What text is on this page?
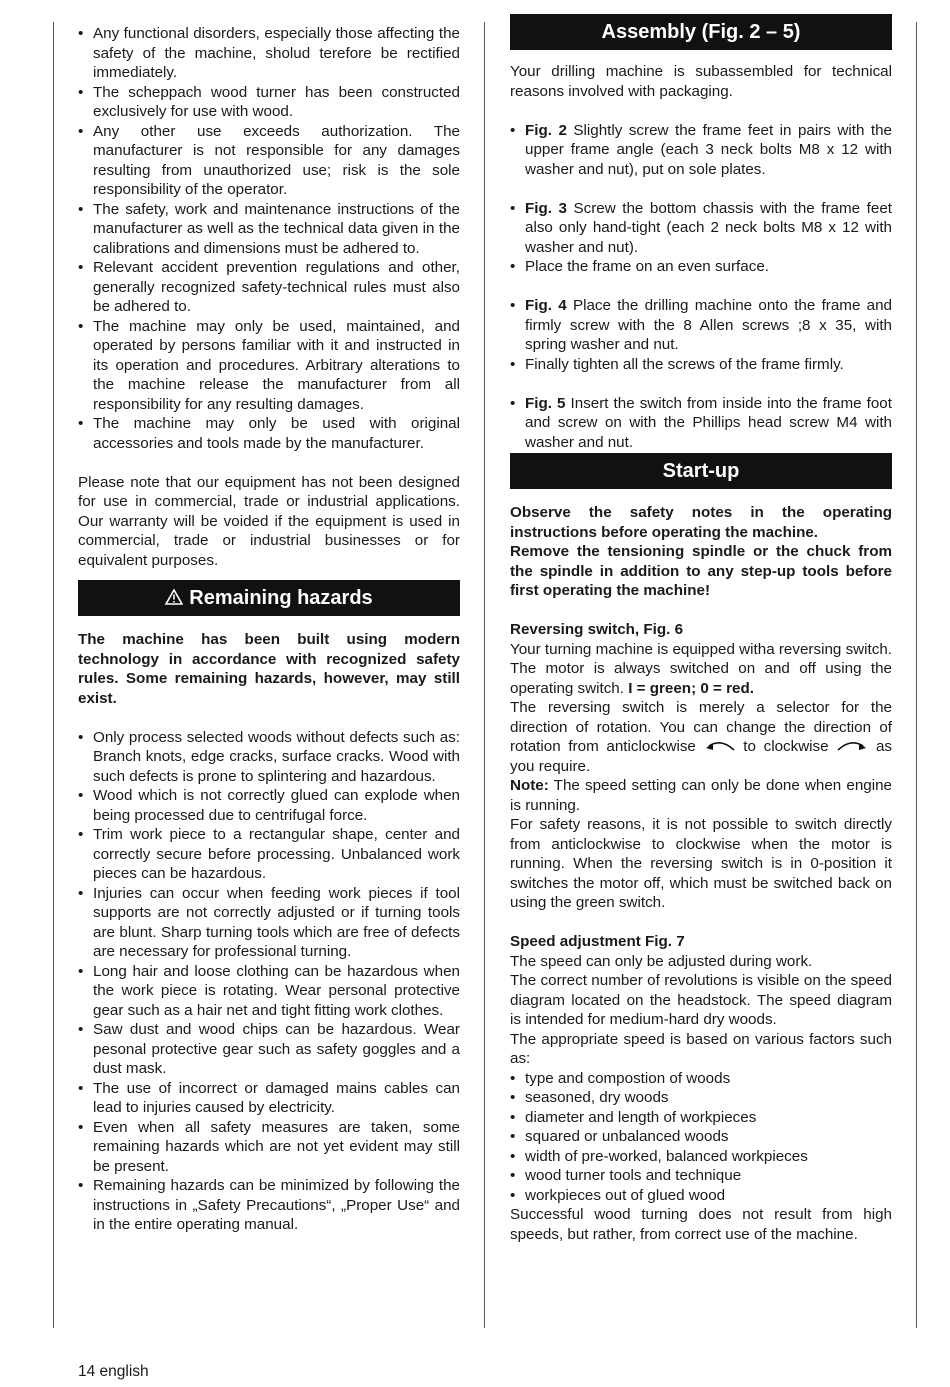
• Any functional disorders, especially those affecting the safety of the machine, sholud terefore be rectified immediately.
• The scheppach wood turner has been constructed exclusively for use with wood.
• Any other use exceeds authorization. The manufacturer is not responsible for any damages resulting from unauthorized use; risk is the sole responsibility of the operator.
• The safety, work and maintenance instructions of the manufacturer as well as the technical data given in the calibrations and dimensions must be adhered to.
• Relevant accident prevention regulations and other, generally recognized safety-technical rules must also be adhered to.
• The machine may only be used, maintained, and operated by persons familiar with it and instructed in its operation and procedures. Arbitrary alterations to the machine release the manufacturer from all responsibility for any resulting damages.
• The machine may only be used with original accessories and tools made by the manufacturer.

Please note that our equipment has not been designed for use in commercial, trade or industrial applications. Our warranty will be voided if the equipment is used in commercial, trade or industrial businesses or for equivalent purposes.

Remaining hazards

The machine has been built using modern technology in accordance with recognized safety rules. Some remaining hazards, however, may still exist.

• Only process selected woods without defects such as: Branch knots, edge cracks, surface cracks. Wood with such defects is prone to splintering and hazardous.
• Wood which is not correctly glued can explode when being processed due to centrifugal force.
• Trim work piece to a rectangular shape, center and correctly secure before processing. Unbalanced work pieces can be hazardous.
• Injuries can occur when feeding work pieces if tool supports are not correctly adjusted or if turning tools are blunt. Sharp turning tools which are free of defects are necessary for professional turning.
• Long hair and loose clothing can be hazardous when the work piece is rotating. Wear personal protective gear such as a hair net and tight fitting work clothes.
• Saw dust and wood chips can be hazardous. Wear pesonal protective gear such as safety goggles and a dust mask.
• The use of incorrect or damaged mains cables can lead to injuries caused by electricity.
• Even when all safety measures are taken, some remaining hazards which are not yet evident may still be present.
• Remaining hazards can be minimized by following the instructions in „Safety Precautions“, „Proper Use“ and in the entire operating manual.
Assembly (Fig. 2 – 5)

Your drilling machine is subassembled for technical reasons involved with packaging.

• Fig. 2 Slightly screw the frame feet in pairs with the upper frame angle (each 3 neck bolts M8 x 12 with washer and nut), put on sole plates.
• Fig. 3 Screw the bottom chassis with the frame feet also only hand-tight (each 2 neck bolts M8 x 12 with washer and nut).
• Place the frame on an even surface.
• Fig. 4 Place the drilling machine onto the frame and firmly screw with the 8 Allen screws ;8 x 35, with spring washer and nut.
• Finally tighten all the screws of the frame firmly.
• Fig. 5 Insert the switch from inside into the frame foot and screw on with the Phillips head screw M4 with washer and nut.
Start-up

Observe the safety notes in the operating instructions before operating the machine.

Remove the tensioning spindle or the chuck from the spindle in addition to any step-up tools before first operating the machine!

Reversing switch, Fig. 6

Your turning machine is equipped witha reversing switch. The motor is always switched on and off using the operating switch. I = green; 0 = red.

The reversing switch is merely a selector for the direction of rotation. You can change the direction of rotation from anticlockwise  to clockwise  as you require.

Note: The speed setting can only be done when engine is running.

For safety reasons, it is not possible to switch directly from anticlockwise to clockwise when the motor is running. When the reversing switch is in 0-position it switches the motor off, which must be switched back on using the green switch.

Speed adjustment Fig. 7

The speed can only be adjusted during work.

The correct number of revolutions is visible on the speed diagram located on the headstock. The speed diagram is intended for medium-hard dry woods.

The appropriate speed is based on various factors such as:

• type and compostion of woods
• seasoned, dry woods
• diameter and length of workpieces
• squared or unbalanced woods
• width of pre-worked, balanced workpieces
• wood turner tools and technique
• workpieces out of glued wood

Successful wood turning does not result from high speeds, but rather, from correct use of the machine.

14 english
